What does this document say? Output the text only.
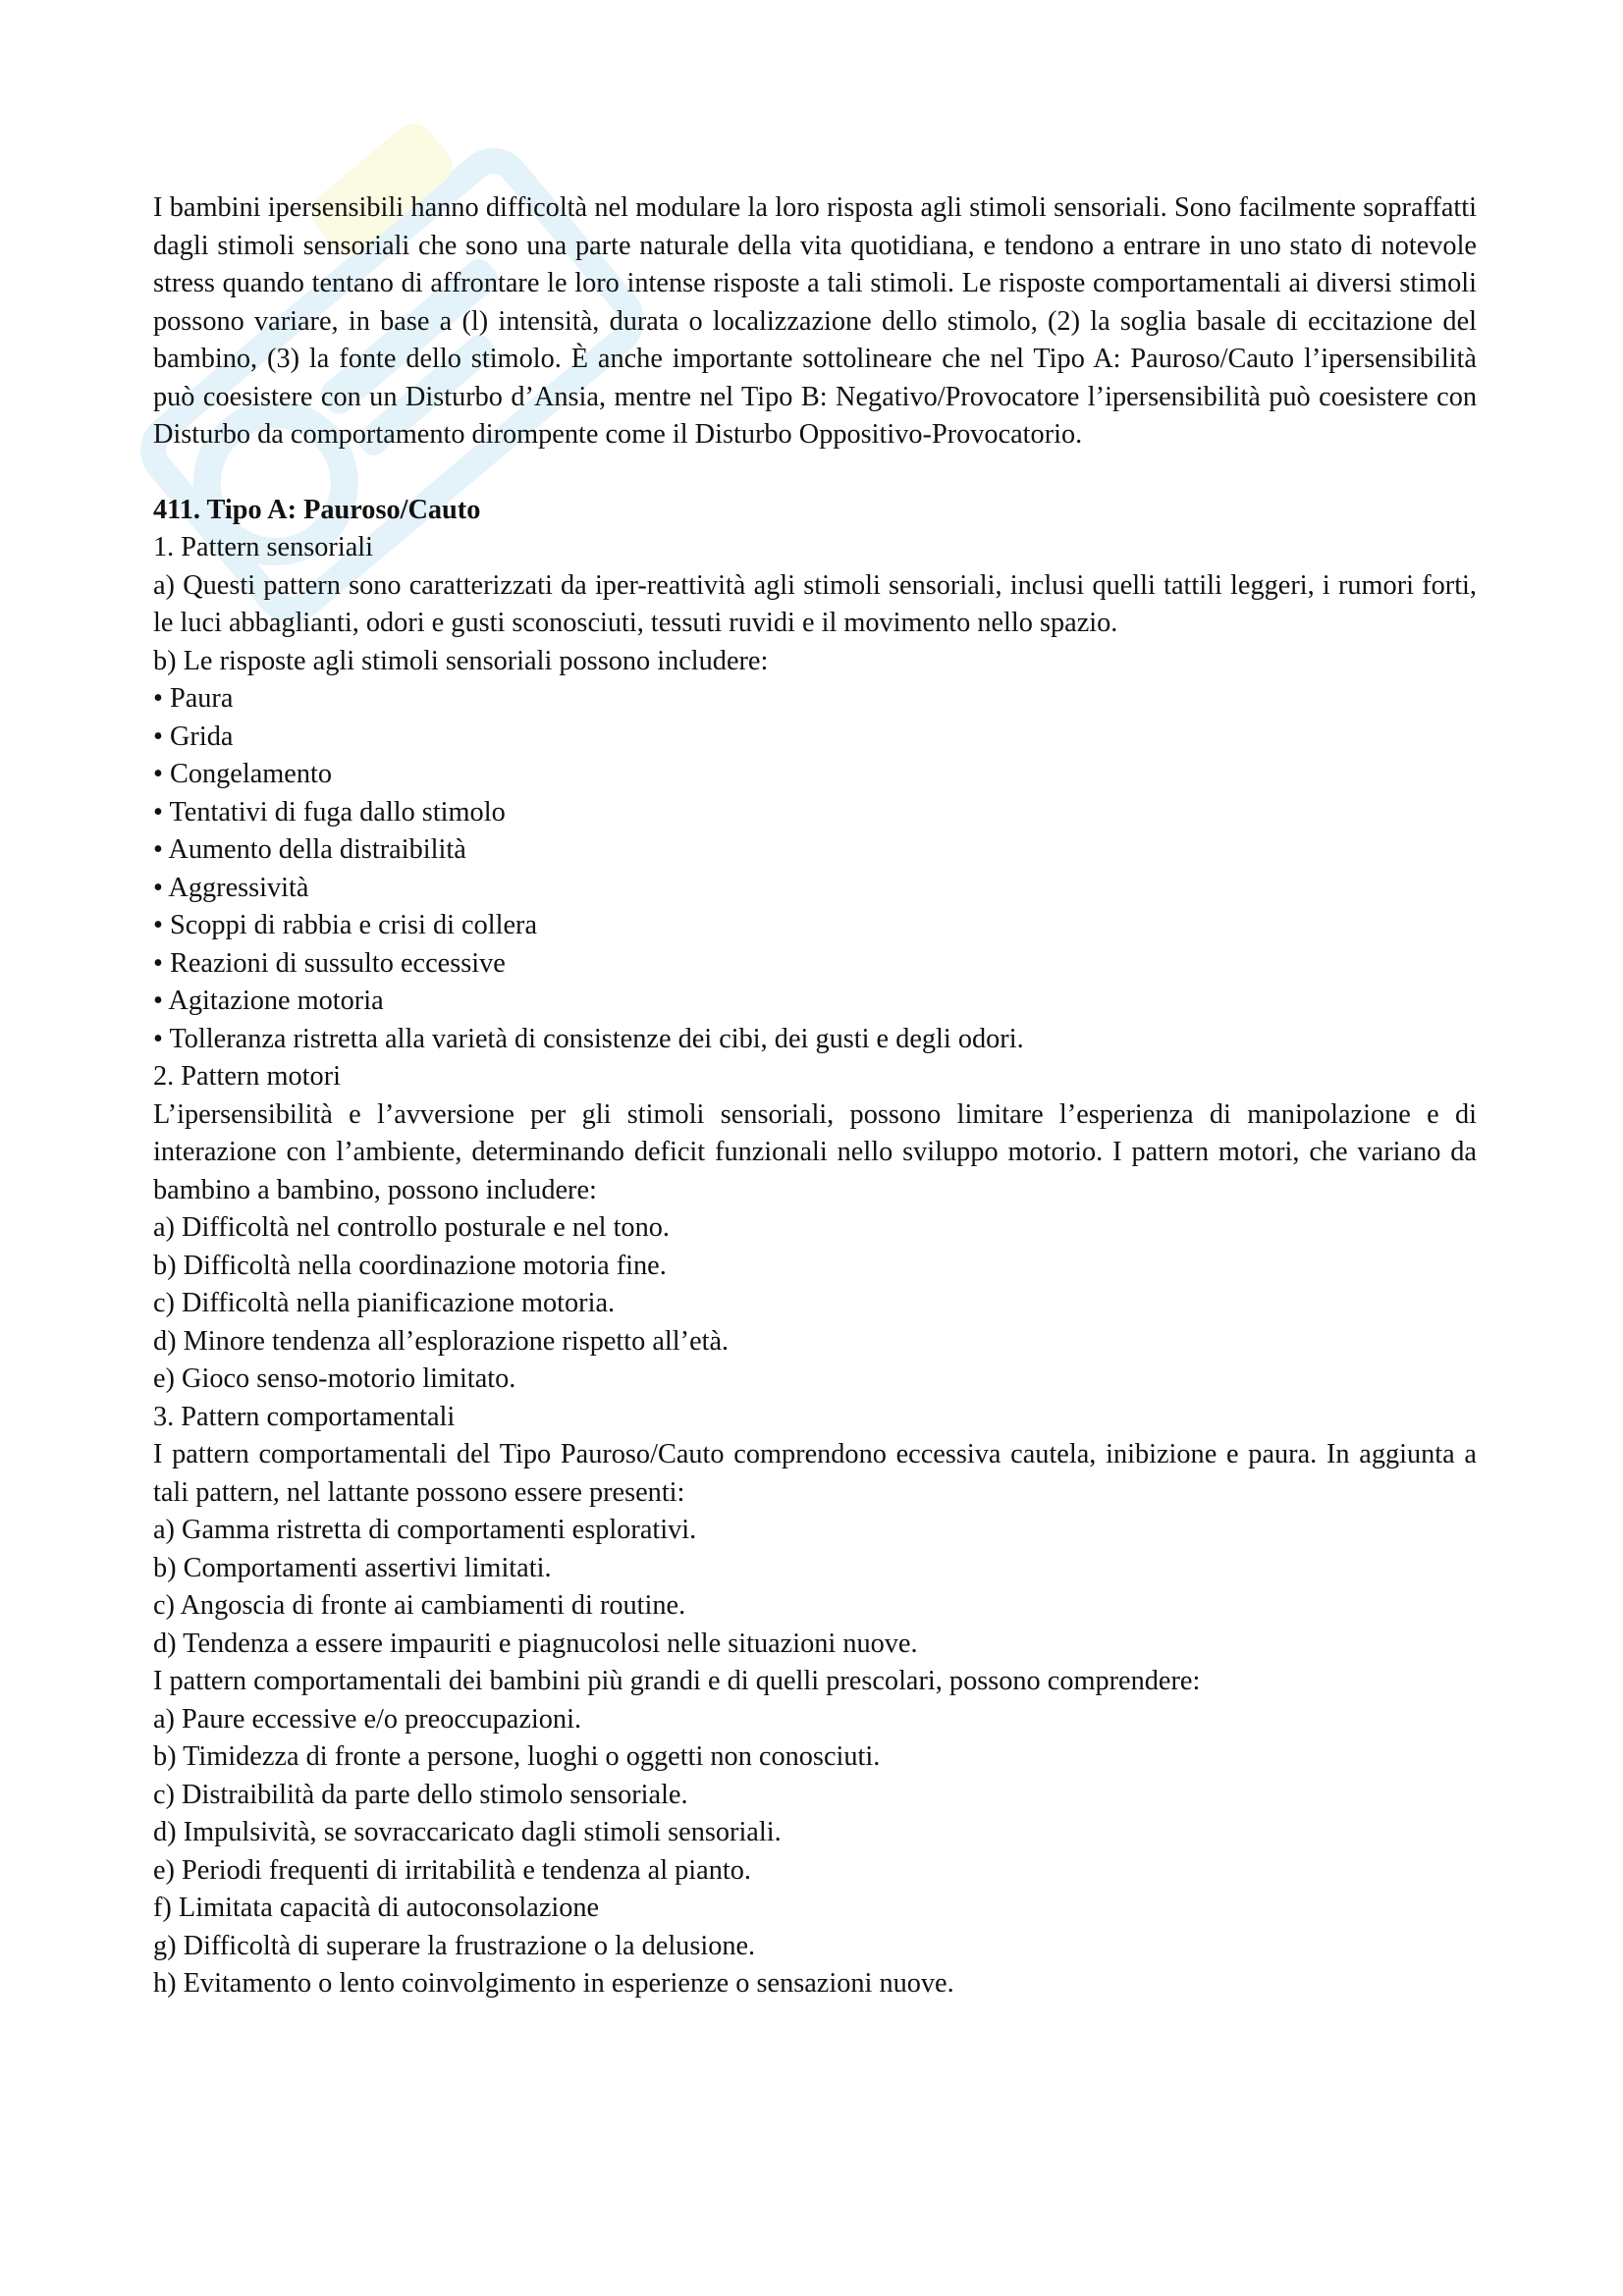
I bambini ipersensibili hanno difficoltà nel modulare la loro risposta agli stimoli sensoriali. Sono facilmente sopraffatti dagli stimoli sensoriali che sono una parte naturale della vita quotidiana, e tendono a entrare in uno stato di notevole stress quando tentano di affrontare le loro intense risposte a tali stimoli. Le risposte comportamentali ai diversi stimoli possono variare, in base a (l) intensità, durata o localizzazione dello stimolo, (2) la soglia basale di eccitazione del bambino, (3) la fonte dello stimolo. È anche importante sottolineare che nel Tipo A: Pauroso/Cauto l’ipersensibilità può coesistere con un Disturbo d’Ansia, mentre nel Tipo B: Negativo/Provocatore l’ipersensibilità può coesistere con Disturbo da comportamento dirompente come il Disturbo Oppositivo-Provocatorio.

411. Tipo A: Pauroso/Cauto

1. Pattern sensoriali

a) Questi pattern sono caratterizzati da iper-reattività agli stimoli sensoriali, inclusi quelli tattili leggeri, i rumori forti, le luci abbaglianti, odori e gusti sconosciuti, tessuti ruvidi e il movimento nello spazio.

b) Le risposte agli stimoli sensoriali possono includere:

• Paura

• Grida

• Congelamento

• Tentativi di fuga dallo stimolo

• Aumento della distraibilità

• Aggressività

• Scoppi di rabbia e crisi di collera

• Reazioni di sussulto eccessive

• Agitazione motoria

• Tolleranza ristretta alla varietà di consistenze dei cibi, dei gusti e degli odori.

2. Pattern motori

L’ipersensibilità e l’avversione per gli stimoli sensoriali, possono limitare l’esperienza di manipolazione e di interazione con l’ambiente, determinando deficit funzionali nello sviluppo motorio. I pattern motori, che variano da bambino a bambino, possono includere:

a) Difficoltà nel controllo posturale e nel tono.

b) Difficoltà nella coordinazione motoria fine.

c) Difficoltà nella pianificazione motoria.

d) Minore tendenza all’esplorazione rispetto all’età.

e) Gioco senso-motorio limitato.

3. Pattern comportamentali

I pattern comportamentali del Tipo Pauroso/Cauto comprendono eccessiva cautela, inibizione e paura. In aggiunta a tali pattern, nel lattante possono essere presenti:

a) Gamma ristretta di comportamenti esplorativi.

b) Comportamenti assertivi limitati.

c) Angoscia di fronte ai cambiamenti di routine.

d) Tendenza a essere impauriti e piagnucolosi nelle situazioni nuove.

I pattern comportamentali dei bambini più grandi e di quelli prescolari, possono comprendere:

a) Paure eccessive e/o preoccupazioni.

b) Timidezza di fronte a persone, luoghi o oggetti non conosciuti.

c) Distraibilità da parte dello stimolo sensoriale.

d) Impulsività, se sovraccaricato dagli stimoli sensoriali.

e) Periodi frequenti di irritabilità e tendenza al pianto.

f) Limitata capacità di autoconsolazione

g) Difficoltà di superare la frustrazione o la delusione.

h) Evitamento o lento coinvolgimento in esperienze o sensazioni nuove.
